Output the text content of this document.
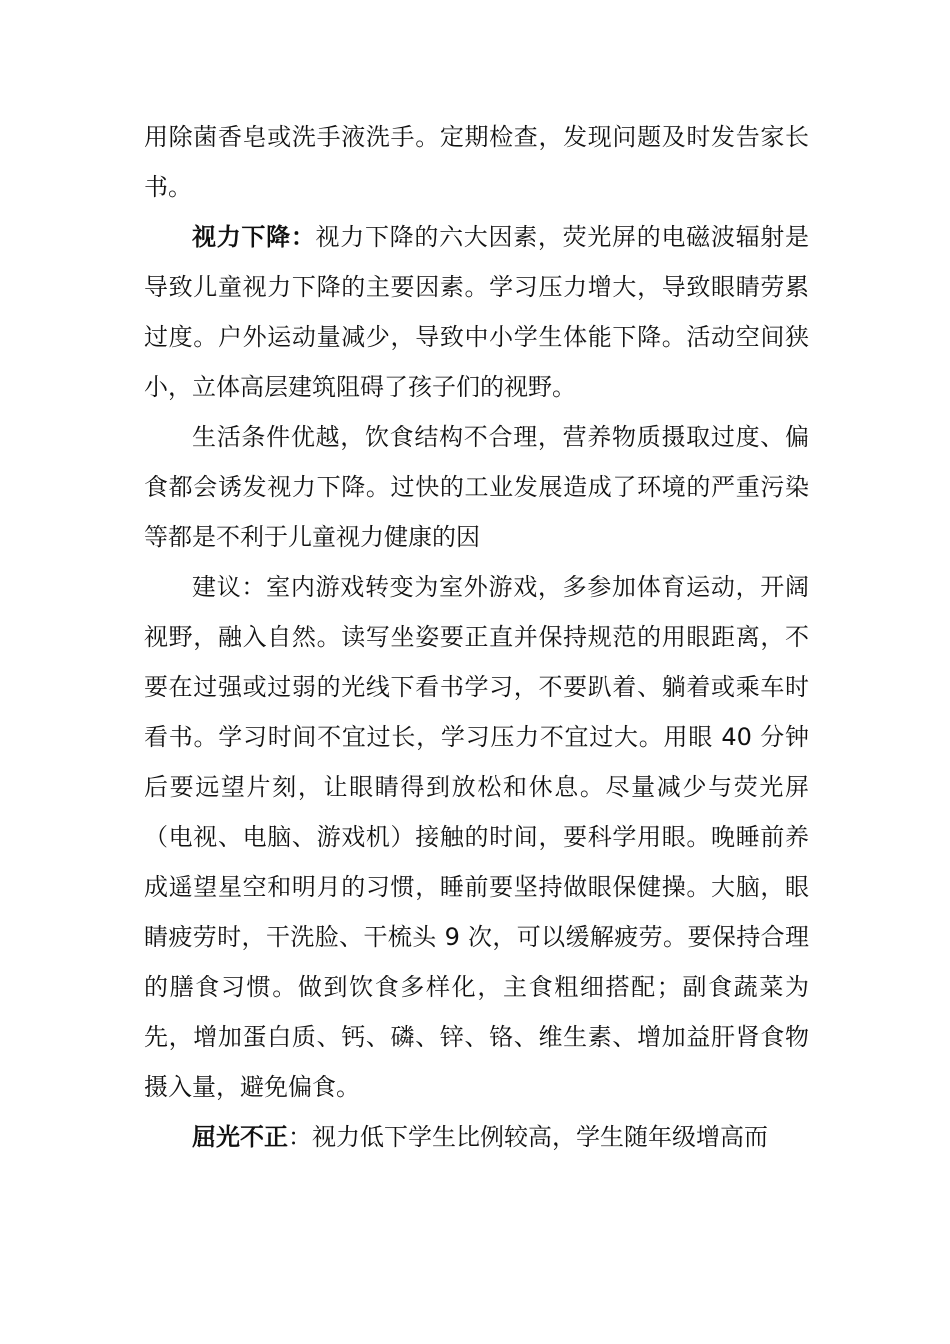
用除菌香皂或洗手液洗手。定期检查，发现问题及时发告家长书。

视力下降：视力下降的六大因素，荧光屏的电磁波辐射是导致儿童视力下降的主要因素。学习压力增大，导致眼睛劳累过度。户外运动量减少，导致中小学生体能下降。活动空间狭小，立体高层建筑阻碍了孩子们的视野。

生活条件优越，饮食结构不合理，营养物质摄取过度、偏食都会诱发视力下降。过快的工业发展造成了环境的严重污染等都是不利于儿童视力健康的因

建议：室内游戏转变为室外游戏，多参加体育运动，开阔视野，融入自然。读写坐姿要正直并保持规范的用眼距离，不要在过强或过弱的光线下看书学习，不要趴着、躺着或乘车时看书。学习时间不宜过长，学习压力不宜过大。用眼 40 分钟后要远望片刻，让眼睛得到放松和休息。尽量减少与荧光屏（电视、电脑、游戏机）接触的时间，要科学用眼。晚睡前养成遥望星空和明月的习惯，睡前要坚持做眼保健操。大脑，眼睛疲劳时，干洗脸、干梳头 9 次，可以缓解疲劳。要保持合理的膳食习惯。做到饮食多样化，主食粗细搭配；副食蔬菜为先，增加蛋白质、钙、磷、锌、铬、维生素、增加益肝肾食物摄入量，避免偏食。

屈光不正：视力低下学生比例较高，学生随年级增高而
